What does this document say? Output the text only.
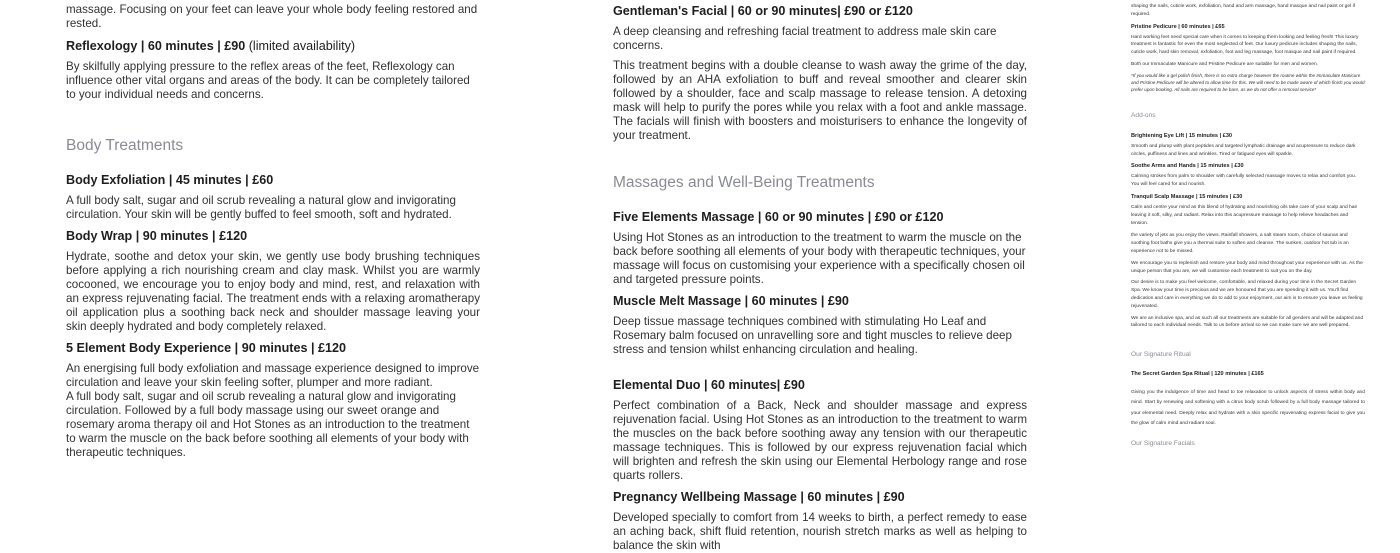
massage. Focusing on your feet can leave your whole body feeling restored and rested.

Reflexology | 60 minutes | £90 (limited availability)

By skilfully applying pressure to the reflex areas of the feet, Reflexology can influence other vital organs and areas of the body. It can be completely tailored to your individual needs and concerns.

Body Treatments
Body Exfoliation | 45 minutes | £60

A full body salt, sugar and oil scrub revealing a natural glow and invigorating circulation. Your skin will be gently buffed to feel smooth, soft and hydrated.

Body Wrap | 90 minutes | £120

Hydrate, soothe and detox your skin, we gently use body brushing techniques before applying a rich nourishing cream and clay mask. Whilst you are warmly cocooned, we encourage you to enjoy body and mind, rest, and relaxation with an express rejuvenating facial. The treatment ends with a relaxing aromatherapy oil application plus a soothing back neck and shoulder massage leaving your skin deeply hydrated and body completely relaxed.

5 Element Body Experience | 90 minutes | £120

An energising full body exfoliation and massage experience designed to improve circulation and leave your skin feeling softer, plumper and more radiant.

A full body salt, sugar and oil scrub revealing a natural glow and invigorating circulation. Followed by a full body massage using our sweet orange and rosemary aroma therapy oil and Hot Stones as an introduction to the treatment to warm the muscle on the back before soothing all elements of your body with therapeutic techniques.

Gentleman's Facial | 60 or 90 minutes| £90 or £120

A deep cleansing and refreshing facial treatment to address male skin care concerns.

This treatment begins with a double cleanse to wash away the grime of the day, followed by an AHA exfoliation to buff and reveal smoother and clearer skin followed by a shoulder, face and scalp massage to release tension. A detoxing mask will help to purify the pores while you relax with a foot and ankle massage. The facials will finish with boosters and moisturisers to enhance the longevity of your treatment.

Massages and Well-Being Treatments
Five Elements Massage | 60 or 90 minutes | £90 or £120

Using Hot Stones as an introduction to the treatment to warm the muscle on the back before soothing all elements of your body with therapeutic techniques, your massage will focus on customising your experience with a specifically chosen oil and targeted pressure points.

Muscle Melt Massage | 60 minutes | £90

Deep tissue massage techniques combined with stimulating Ho Leaf and Rosemary balm focused on unravelling sore and tight muscles to relieve deep stress and tension whilst enhancing circulation and healing.

Elemental Duo | 60 minutes| £90

Perfect combination of a Back, Neck and shoulder massage and express rejuvenation facial. Using Hot Stones as an introduction to the treatment to warm the muscles on the back before soothing away any tension with our therapeutic massage techniques. This is followed by our express rejuvenation facial which will brighten and refresh the skin using our Elemental Herbology range and rose quarts rollers.

Pregnancy Wellbeing Massage | 60 minutes | £90

Developed specially to comfort from 14 weeks to birth, a perfect remedy to ease an aching back, shift fluid retention, nourish stretch marks as well as helping to balance the skin with

shaping the nails, cuticle work, exfoliation, hand and arm massage, hand masque and nail paint or gel if required.

Pristine Pedicure | 60 minutes | £65

Hard working feet need special care when it comes to keeping them looking and feeling fresh! This luxury treatment is fantastic for even the most neglected of feet. Our luxury pedicure includes shaping the nails, cuticle work, hard skin removal, exfoliation, foot and leg massage, foot masque and nail paint if required.

Both our Immaculate Manicure and Pristine Pedicure are suitable for men and women.

*If you would like a gel polish finish, there is no extra charge however the routine within the Immaculate Manicure and Pristine Pedicure will be altered to allow time for this. We will need to be made aware of which finish you would prefer upon booking. All nails are required to be bare, as we do not offer a removal service*

Add-ons
Brightening Eye Lift | 15 minutes | £30

Smooth and plump with plant peptides and targeted lymphatic drainage and acupressure to reduce dark circles, puffiness and lines and wrinkles. Tired or fatigued eyes will sparkle.

Soothe Arms and Hands | 15 minutes | £30

Calming strokes from palm to shoulder with carefully selected massage moves to relax and comfort you. You will feel cared for and nourish.

Tranquil Scalp Massage | 15 minutes | £30

Calm and centre your mind as this blend of hydrating and nourishing oils take care of your scalp and hair leaving it soft, silky, and radiant. Relax into this acupressure massage to help relieve headaches and tension.

the variety of jets as you enjoy the views. Rainfall showers, a salt steam room, choice of saunas and soothing foot baths give you a thermal suite to soften and cleanse. The sunken, outdoor hot tub is an experience not to be missed.

We encourage you to replenish and restore your body and mind throughout your experience with us. As the unique person that you are, we will customise each treatment to suit you on the day.

Our desire is to make you feel welcome, comfortable, and relaxed during your time in the Secret Garden Spa. We know your time is precious and we are honoured that you are spending it with us. You'll find dedication and care in everything we do to add to your enjoyment, our aim is to ensure you leave us feeling rejuvenated.

We are an inclusive spa, and as such all our treatments are suitable for all genders and will be adapted and tailored to each individual needs. Talk to us before arrival so we can make sure we are well prepared.

Our Signature Ritual
The Secret Garden Spa Ritual | 120 minutes | £165

Giving you the indulgence of time and head to toe relaxation to unlock aspects of stress within body and mind. Start by renewing and softening with a citrus body scrub followed by a full body massage tailored to your elemental need. Deeply relax and hydrate with a skin specific rejuvenating express facial to give you the glow of calm mind and radiant soul.

Our Signature Facials
